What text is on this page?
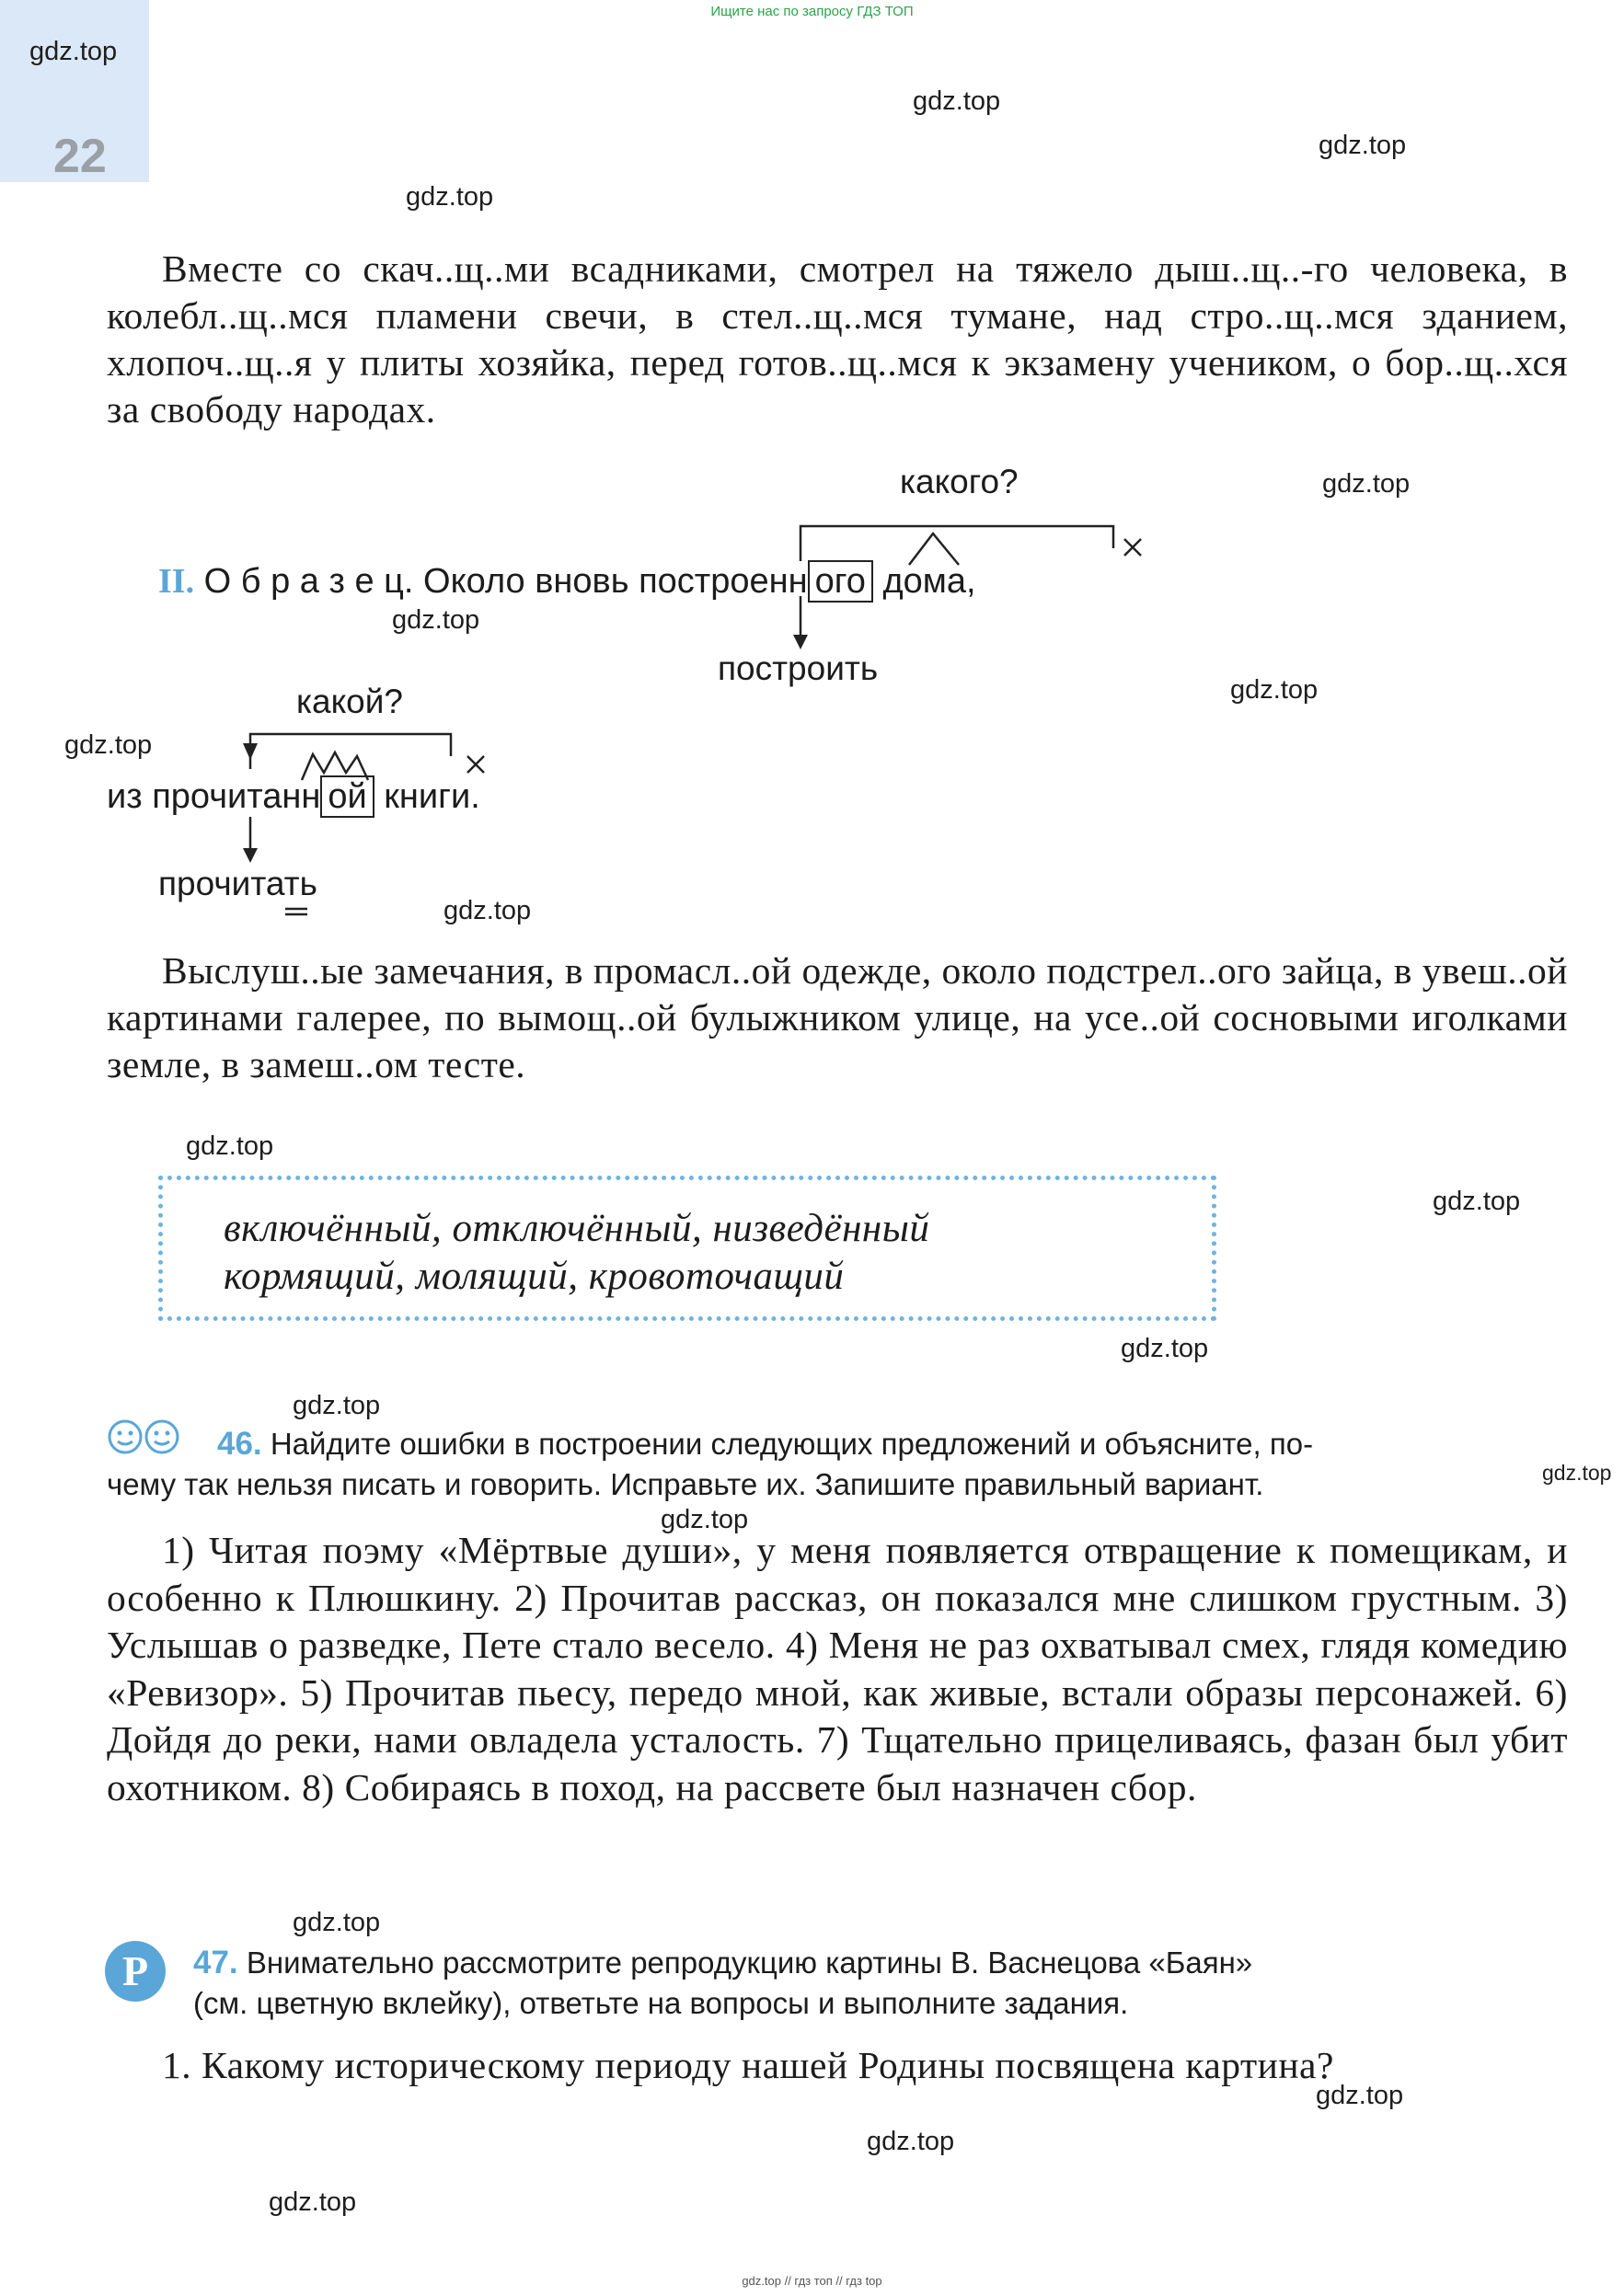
Ищите нас по запросу ГДЗ ТОП
22
gdz.top
gdz.top
gdz.top
gdz.top
gdz.top
gdz.top
gdz.top
gdz.top
gdz.top
gdz.top
gdz.top
gdz.top
gdz.top
gdz.top
gdz.top
gdz.top
gdz.top
gdz.top
gdz.top
Вместе со скач..щ..ми всадниками, смотрел на тяжело дыш..щ..-го человека, в колебл..щ..мся пламени свечи, в стел..щ..мся тумане, над стро..щ..мся зданием, хлопоч..щ..я у плиты хозяйка, перед готов..щ..мся к экзамену учеником, о бор..щ..хся за свободу народах.
II. О б р а з е ц. Около вновь построенн ого дома,
какого?
построить
из прочитанн ой книги.
какой?
прочитать
Выслуш..ые замечания, в промасл..ой одежде, около подстрел..ого зайца, в увеш..ой картинами галерее, по вымощ..ой булыжником улице, на усе..ой сосновыми иголками земле, в замеш..ом тесте.
включённый, отключённый, низведённый
кормящий, молящий, кровоточащий
46. Найдите ошибки в построении следующих предложений и объясните, по-
чему так нельзя писать и говорить. Исправьте их. Запишите правильный вариант.
1) Читая поэму «Мёртвые души», у меня появляется отвращение к помещикам, и особенно к Плюшкину. 2) Прочитав рассказ, он показался мне слишком грустным. 3) Услышав о разведке, Пете стало весело. 4) Меня не раз охватывал смех, глядя комедию «Ревизор». 5) Прочитав пьесу, передо мной, как живые, встали образы персонажей. 6) Дойдя до реки, нами овладела усталость. 7) Тщательно прицеливаясь, фазан был убит охотником. 8) Собираясь в поход, на рассвете был назначен сбор.
Р	47. Внимательно рассмотрите репродукцию картины В. Васнецова «Баян»
(см. цветную вклейку), ответьте на вопросы и выполните задания.
1. Какому историческому периоду нашей Родины посвящена картина?
gdz.top // гдз топ // гдз top
